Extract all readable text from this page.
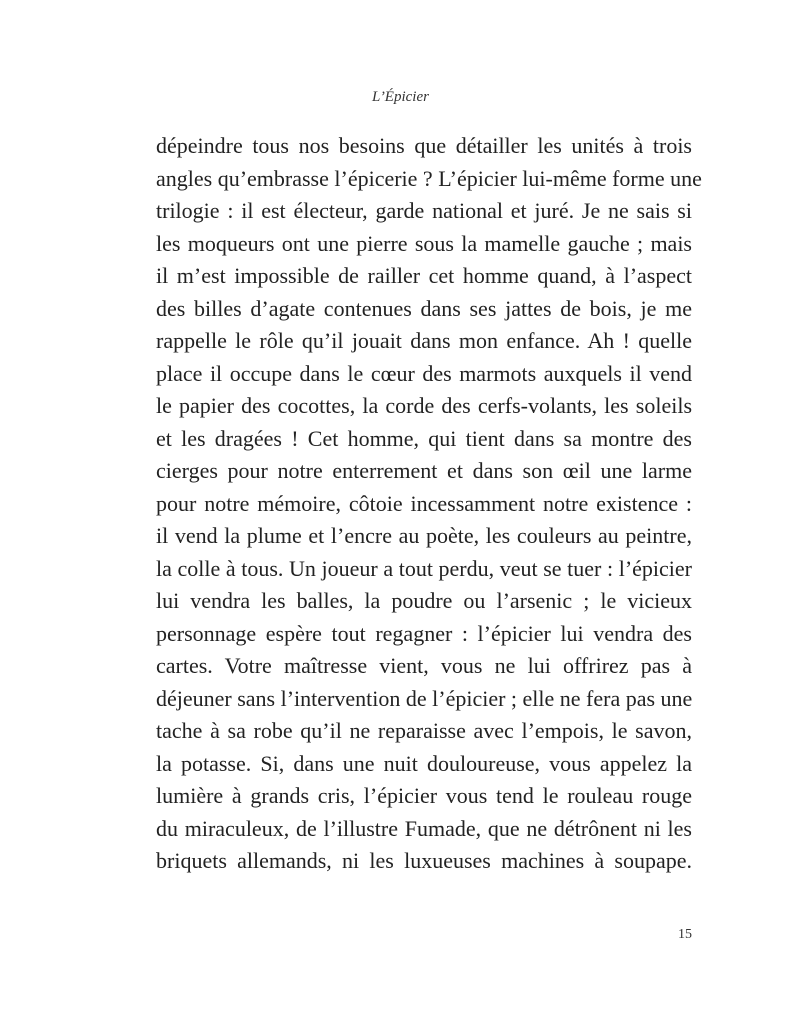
L’Épicier
dépeindre tous nos besoins que détailler les unités à trois
angles qu’embrasse l’épicerie ? L’épicier lui-même forme une
trilogie : il est électeur, garde national et juré. Je ne sais si
les moqueurs ont une pierre sous la mamelle gauche ; mais
il m’est impossible de railler cet homme quand, à l’aspect
des billes d’agate contenues dans ses jattes de bois, je me
rappelle le rôle qu’il jouait dans mon enfance. Ah ! quelle
place il occupe dans le cœur des marmots auxquels il vend
le papier des cocottes, la corde des cerfs-volants, les soleils
et les dragées ! Cet homme, qui tient dans sa montre des
cierges pour notre enterrement et dans son œil une larme
pour notre mémoire, côtoie incessamment notre existence :
il vend la plume et l’encre au poète, les couleurs au peintre,
la colle à tous. Un joueur a tout perdu, veut se tuer : l’épicier
lui vendra les balles, la poudre ou l’arsenic ; le vicieux
personnage espère tout regagner : l’épicier lui vendra des
cartes. Votre maîtresse vient, vous ne lui offrirez pas à
déjeuner sans l’intervention de l’épicier ; elle ne fera pas une
tache à sa robe qu’il ne reparaisse avec l’empois, le savon,
la potasse. Si, dans une nuit douloureuse, vous appelez la
lumière à grands cris, l’épicier vous tend le rouleau rouge
du miraculeux, de l’illustre Fumade, que ne détrônent ni les
briquets allemands, ni les luxueuses machines à soupape.
15
